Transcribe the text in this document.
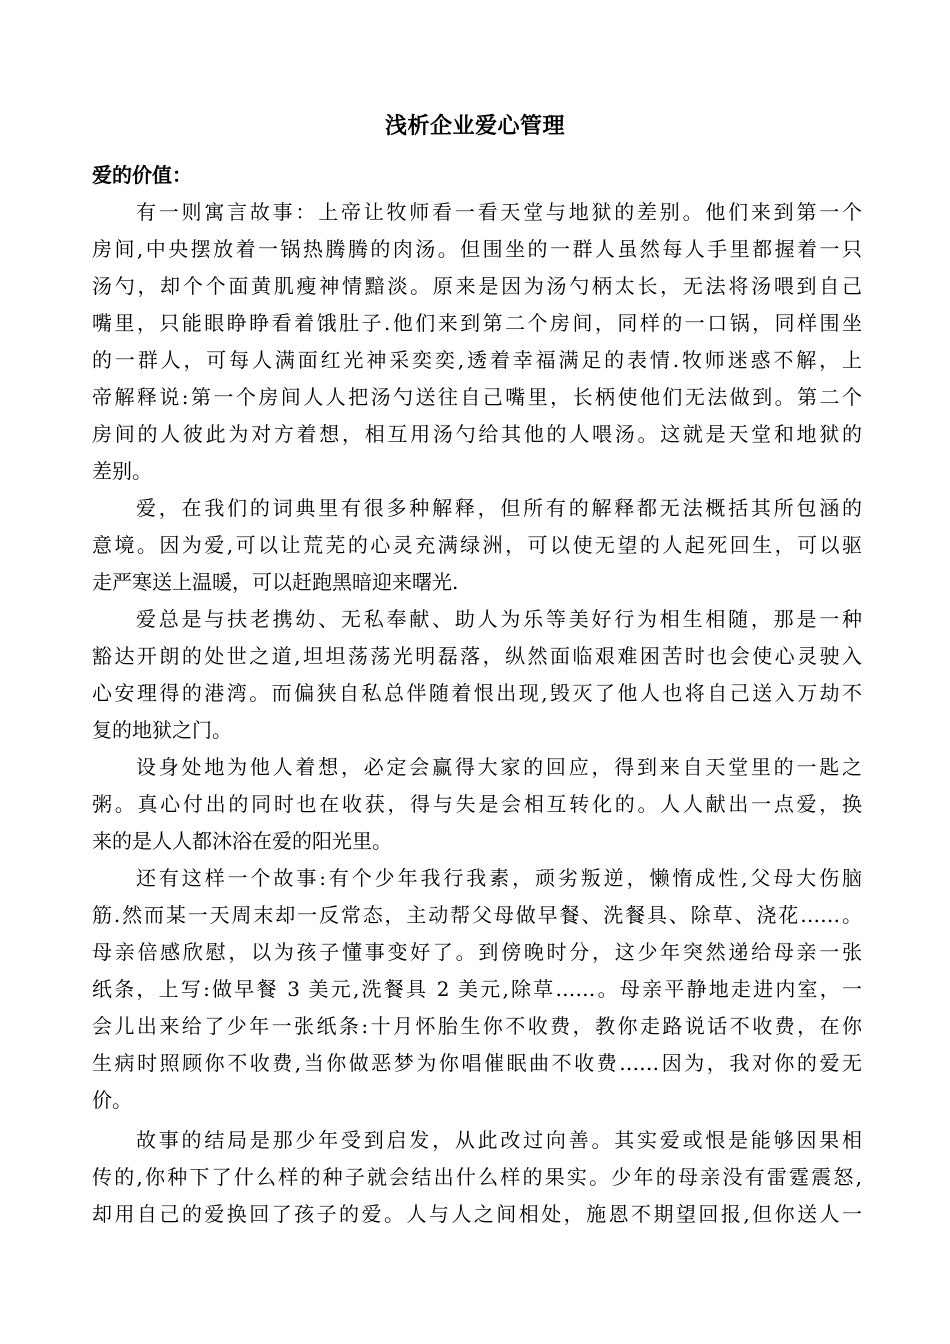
浅析企业爱心管理
爱的价值：
有一则寓言故事：上帝让牧师看一看天堂与地狱的差别。他们来到第一个
房间,中央摆放着一锅热腾腾的肉汤。但围坐的一群人虽然每人手里都握着一只
汤勺，却个个面黄肌瘦神情黯淡。原来是因为汤勺柄太长，无法将汤喂到自己
嘴里，只能眼睁睁看着饿肚子.他们来到第二个房间，同样的一口锅，同样围坐
的一群人，可每人满面红光神采奕奕,透着幸福满足的表情.牧师迷惑不解，上
帝解释说:第一个房间人人把汤勺送往自己嘴里，长柄使他们无法做到。第二个
房间的人彼此为对方着想，相互用汤勺给其他的人喂汤。这就是天堂和地狱的
差别。
爱，在我们的词典里有很多种解释，但所有的解释都无法概括其所包涵的
意境。因为爱,可以让荒芜的心灵充满绿洲，可以使无望的人起死回生，可以驱
走严寒送上温暖，可以赶跑黑暗迎来曙光.
爱总是与扶老携幼、无私奉献、助人为乐等美好行为相生相随，那是一种
豁达开朗的处世之道,坦坦荡荡光明磊落，纵然面临艰难困苦时也会使心灵驶入
心安理得的港湾。而偏狭自私总伴随着恨出现,毁灭了他人也将自己送入万劫不
复的地狱之门。
设身处地为他人着想，必定会赢得大家的回应，得到来自天堂里的一匙之
粥。真心付出的同时也在收获，得与失是会相互转化的。人人献出一点爱，换
来的是人人都沐浴在爱的阳光里。
还有这样一个故事:有个少年我行我素，顽劣叛逆，懒惰成性,父母大伤脑
筋.然而某一天周末却一反常态，主动帮父母做早餐、洗餐具、除草、浇花……。
母亲倍感欣慰，以为孩子懂事变好了。到傍晚时分，这少年突然递给母亲一张
纸条，上写:做早餐 3 美元,洗餐具 2 美元,除草……。母亲平静地走进内室，一
会儿出来给了少年一张纸条:十月怀胎生你不收费，教你走路说话不收费，在你
生病时照顾你不收费,当你做恶梦为你唱催眠曲不收费……因为，我对你的爱无
价。
故事的结局是那少年受到启发，从此改过向善。其实爱或恨是能够因果相
传的,你种下了什么样的种子就会结出什么样的果实。少年的母亲没有雷霆震怒,
却用自己的爱换回了孩子的爱。人与人之间相处，施恩不期望回报,但你送人一
